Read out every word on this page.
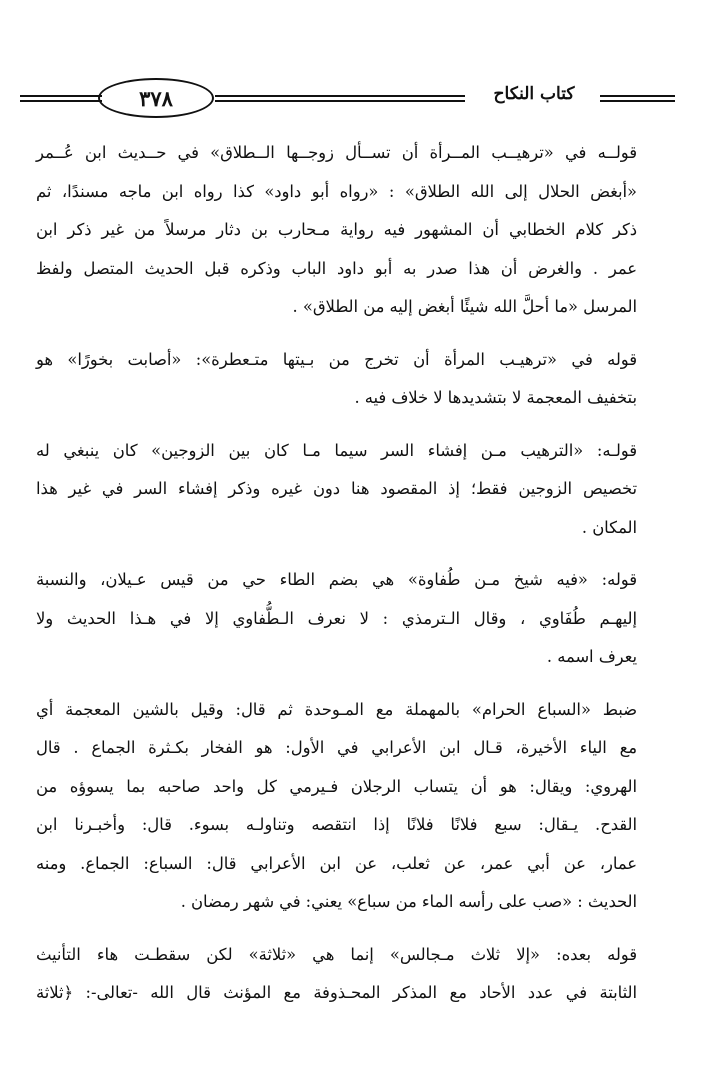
٣٧٨	كتاب النكاح
قولــه في «ترهيــب المــرأة أن تســأل زوجــها الــطلاق» في حــديث ابن عُــمر
«أبغض الحلال إلى الله الطلاق» : «رواه أبو داود» كذا رواه ابن ماجه مسندًا، ثم
ذكر كلام الخطابي أن المشهور فيه رواية مـحارب بن دثار مرسلاً من غير ذكر ابن
عمر . والغرض أن هذا صدر به أبو داود الباب وذكره قبل الحديث المتصل ولفظ
المرسل «ما أحلَّ الله شيئًا أبغض إليه من الطلاق» .
قوله في «ترهيـب المرأة أن تخرج من بـيتها متـعطرة»: «أصابت بخورًا» هو
بتخفيف المعجمة لا بتشديدها لا خلاف فيه .
قولـه: «الترهيب مـن إفشاء السر سيما مـا كان بين الزوجين» كان ينبغي له
تخصيص الزوجين فقط؛ إذ المقصود هنا دون غيره وذكر إفشاء السر في غير هذا
المكان .
قوله: «فيه شيخ مـن طُفاوة» هي بضم الطاء حي من قيس عـيلان، والنسبة
إليهـم طُفَاوي ، وقال الـترمذي : لا نعرف الـطُّفاوي إلا في هـذا الحديث ولا
يعرف اسمه .
ضبط «السباع الحرام» بالمهملة مع المـوحدة ثم قال: وقيل بالشين المعجمة أي
مع الياء الأخيرة، قـال ابن الأعرابي في الأول: هو الفخار بكـثرة الجماع . قال
الهروي: ويقال: هو أن يتساب الرجلان فـيرمي كل واحد صاحبه بما يسوؤه من
القدح. يـقال: سبع فلانًا فلانًا إذا انتقصه وتناولـه بسوء. قال: وأخبـرنا ابن
عمار، عن أبي عمر، عن ثعلب، عن ابن الأعرابي قال: السباع: الجماع. ومنه
الحديث : «صب على رأسه الماء من سباع» يعني: في شهر رمضان .
قوله بعده: «إلا ثلاث مـجالس» إنما هي «ثلاثة» لكن سقطـت هاء التأنيث
الثابتة في عدد الأحاد مع المذكر المحـذوفة مع المؤنث قال الله -تعالى-: ﴿ثلاثة
